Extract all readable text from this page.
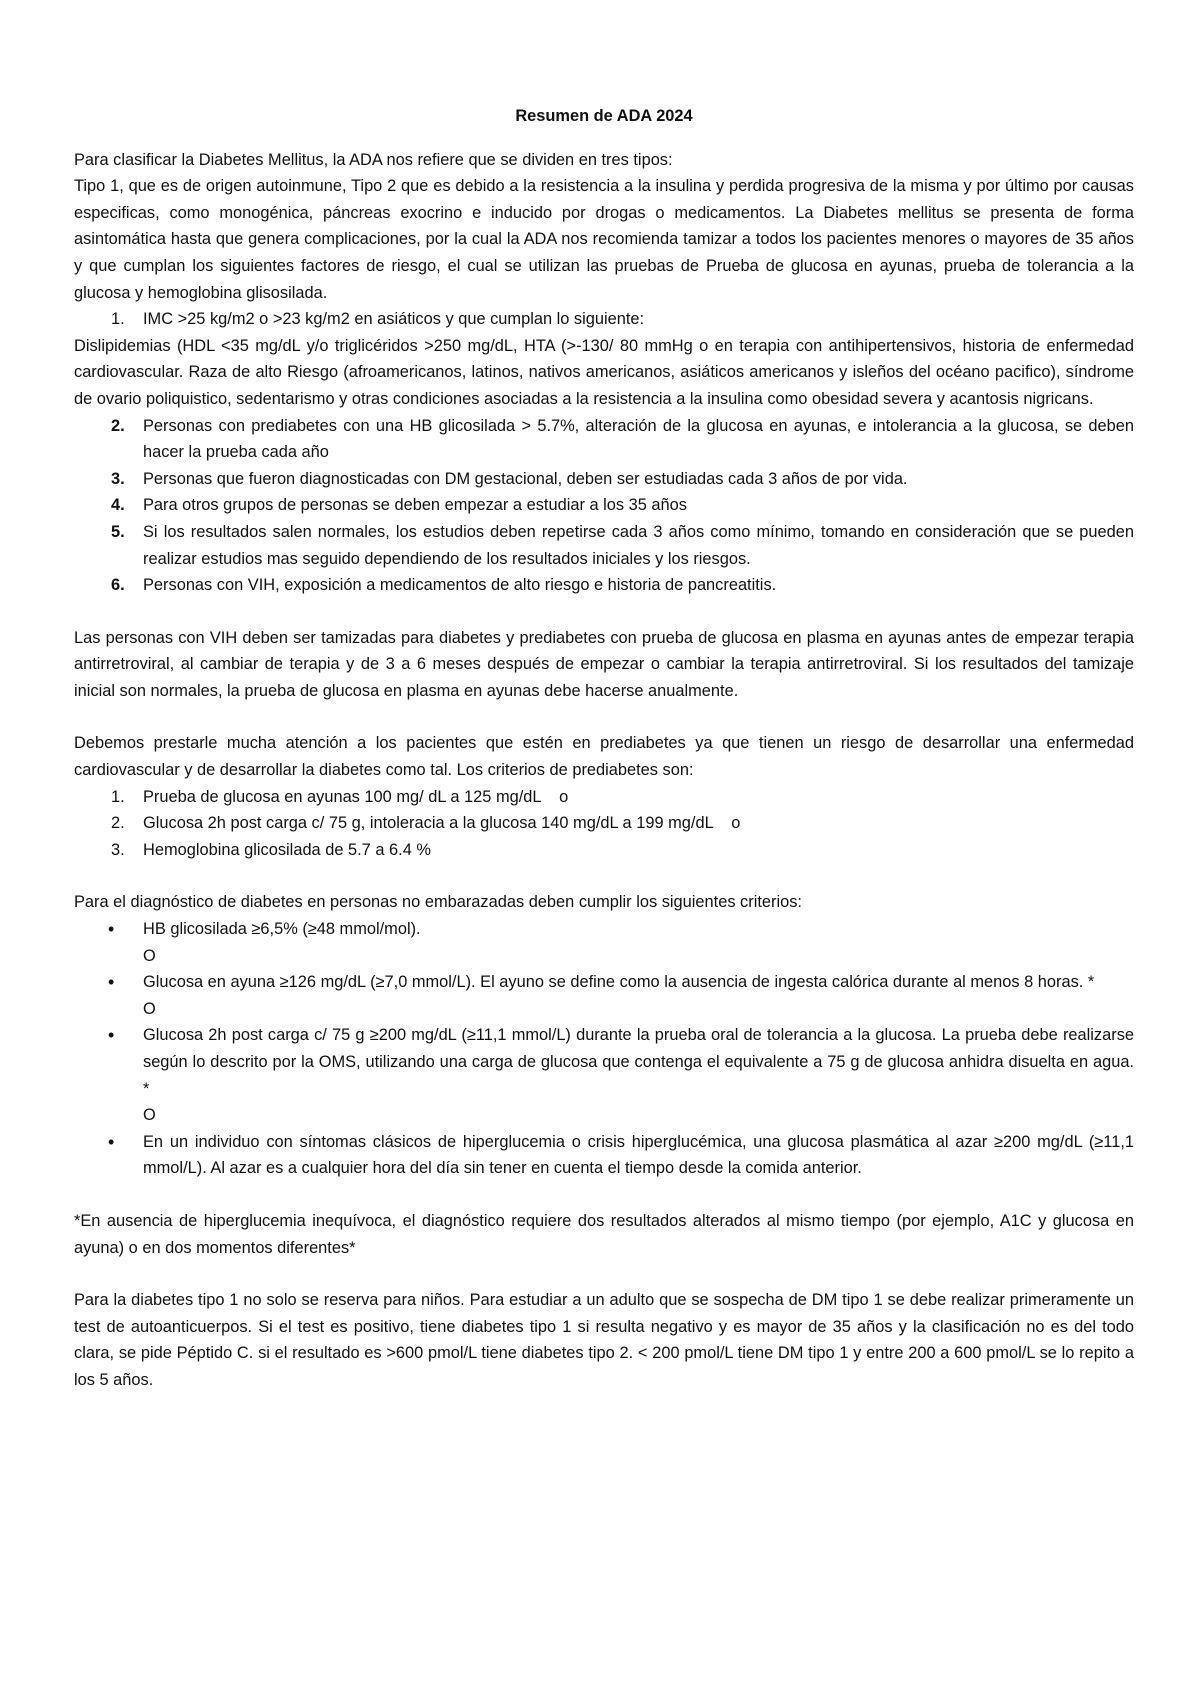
Resumen de ADA 2024

Para clasificar la Diabetes Mellitus, la ADA nos refiere que se dividen en tres tipos:

Tipo 1, que es de origen autoinmune, Tipo 2 que es debido a la resistencia a la insulina y perdida progresiva de la misma y por último por causas especificas, como monogénica, páncreas exocrino e inducido por drogas o medicamentos. La Diabetes mellitus se presenta de forma asintomática hasta que genera complicaciones, por la cual la ADA nos recomienda tamizar a todos los pacientes menores o mayores de 35 años y que cumplan los siguientes factores de riesgo, el cual se utilizan las pruebas de Prueba de glucosa en ayunas, prueba de tolerancia a la glucosa y hemoglobina glisosilada.

1. IMC >25 kg/m2 o >23 kg/m2 en asiáticos y que cumplan lo siguiente:

Dislipidemias (HDL <35 mg/dL y/o triglicéridos >250 mg/dL, HTA (>-130/ 80 mmHg o en terapia con antihipertensivos, historia de enfermedad cardiovascular. Raza de alto Riesgo (afroamericanos, latinos, nativos americanos, asiáticos americanos y isleños del océano pacifico), síndrome de ovario poliquistico, sedentarismo y otras condiciones asociadas a la resistencia a la insulina como obesidad severa y acantosis nigricans.

2. Personas con prediabetes con una HB glicosilada > 5.7%, alteración de la glucosa en ayunas, e intolerancia a la glucosa, se deben hacer la prueba cada año
3. Personas que fueron diagnosticadas con DM gestacional, deben ser estudiadas cada 3 años de por vida.
4. Para otros grupos de personas se deben empezar a estudiar a los 35 años
5. Si los resultados salen normales, los estudios deben repetirse cada 3 años como mínimo, tomando en consideración que se pueden realizar estudios mas seguido dependiendo de los resultados iniciales y los riesgos.
6. Personas con VIH, exposición a medicamentos de alto riesgo e historia de pancreatitis.

Las personas con VIH deben ser tamizadas para diabetes y prediabetes con prueba de glucosa en plasma en ayunas antes de empezar terapia antirretroviral, al cambiar de terapia y de 3 a 6 meses después de empezar o cambiar la terapia antirretroviral. Si los resultados del tamizaje inicial son normales, la prueba de glucosa en plasma en ayunas debe hacerse anualmente.

Debemos prestarle mucha atención a los pacientes que estén en prediabetes ya que tienen un riesgo de desarrollar una enfermedad cardiovascular y de desarrollar la diabetes como tal. Los criterios de prediabetes son:

1. Prueba de glucosa en ayunas 100 mg/ dL a 125 mg/dL    o
2. Glucosa 2h post carga c/ 75 g, intoleracia a la glucosa 140 mg/dL a 199 mg/dL    o
3. Hemoglobina glicosilada de 5.7 a 6.4 %

Para el diagnóstico de diabetes en personas no embarazadas deben cumplir los siguientes criterios:

• HB glicosilada ≥6,5% (≥48 mmol/mol).
O
• Glucosa en ayuna ≥126 mg/dL (≥7,0 mmol/L). El ayuno se define como la ausencia de ingesta calórica durante al menos 8 horas. *
O
• Glucosa 2h post carga c/ 75 g ≥200 mg/dL (≥11,1 mmol/L) durante la prueba oral de tolerancia a la glucosa. La prueba debe realizarse según lo descrito por la OMS, utilizando una carga de glucosa que contenga el equivalente a 75 g de glucosa anhidra disuelta en agua. *
O
• En un individuo con síntomas clásicos de hiperglucemia o crisis hiperglucémica, una glucosa plasmática al azar ≥200 mg/dL (≥11,1 mmol/L). Al azar es a cualquier hora del día sin tener en cuenta el tiempo desde la comida anterior.

*En ausencia de hiperglucemia inequívoca, el diagnóstico requiere dos resultados alterados al mismo tiempo (por ejemplo, A1C y glucosa en ayuna) o en dos momentos diferentes*

Para la diabetes tipo 1 no solo se reserva para niños. Para estudiar a un adulto que se sospecha de DM tipo 1 se debe realizar primeramente un test de autoanticuerpos. Si el test es positivo, tiene diabetes tipo 1 si resulta negativo y es mayor de 35 años y la clasificación no es del todo clara, se pide Péptido C. si el resultado es >600 pmol/L tiene diabetes tipo 2. < 200 pmol/L tiene DM tipo 1 y entre 200 a 600 pmol/L se lo repito a los 5 años.
